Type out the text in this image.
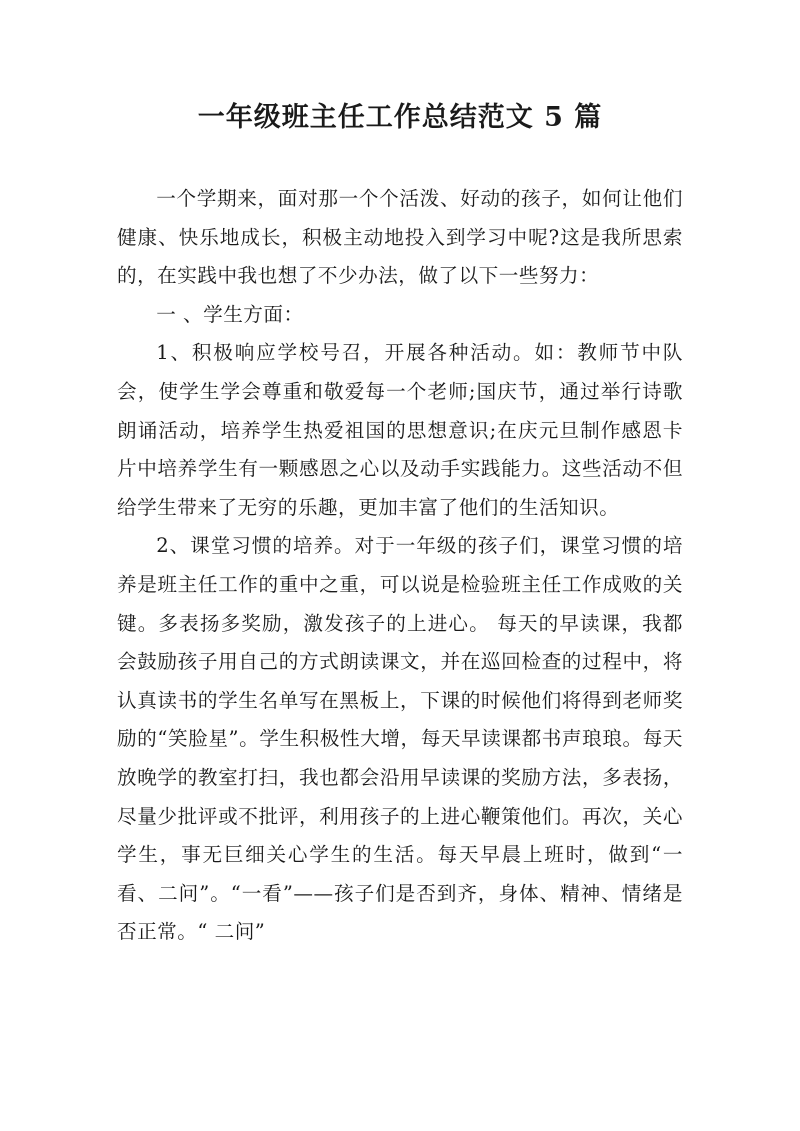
一年级班主任工作总结范文 5 篇

一个学期来，面对那一个个活泼、好动的孩子，如何让他们健康、快乐地成长，积极主动地投入到学习中呢?这是我所思索的，在实践中我也想了不少办法，做了以下一些努力：

一 、学生方面：

1、积极响应学校号召，开展各种活动。如：教师节中队会，使学生学会尊重和敬爱每一个老师;国庆节，通过举行诗歌朗诵活动，培养学生热爱祖国的思想意识;在庆元旦制作感恩卡片中培养学生有一颗感恩之心以及动手实践能力。这些活动不但给学生带来了无穷的乐趣，更加丰富了他们的生活知识。

2、课堂习惯的培养。对于一年级的孩子们，课堂习惯的培养是班主任工作的重中之重，可以说是检验班主任工作成败的关键。多表扬多奖励，激发孩子的上进心。 每天的早读课，我都会鼓励孩子用自己的方式朗读课文，并在巡回检查的过程中，将认真读书的学生名单写在黑板上，下课的时候他们将得到老师奖励的“笑脸星”。学生积极性大增，每天早读课都书声琅琅。每天放晚学的教室打扫，我也都会沿用早读课的奖励方法，多表扬，尽量少批评或不批评，利用孩子的上进心鞭策他们。再次，关心学生，事无巨细关心学生的生活。每天早晨上班时，做到“一看、二问”。“一看”——孩子们是否到齐，身体、精神、情绪是否正常。“ 二问”
